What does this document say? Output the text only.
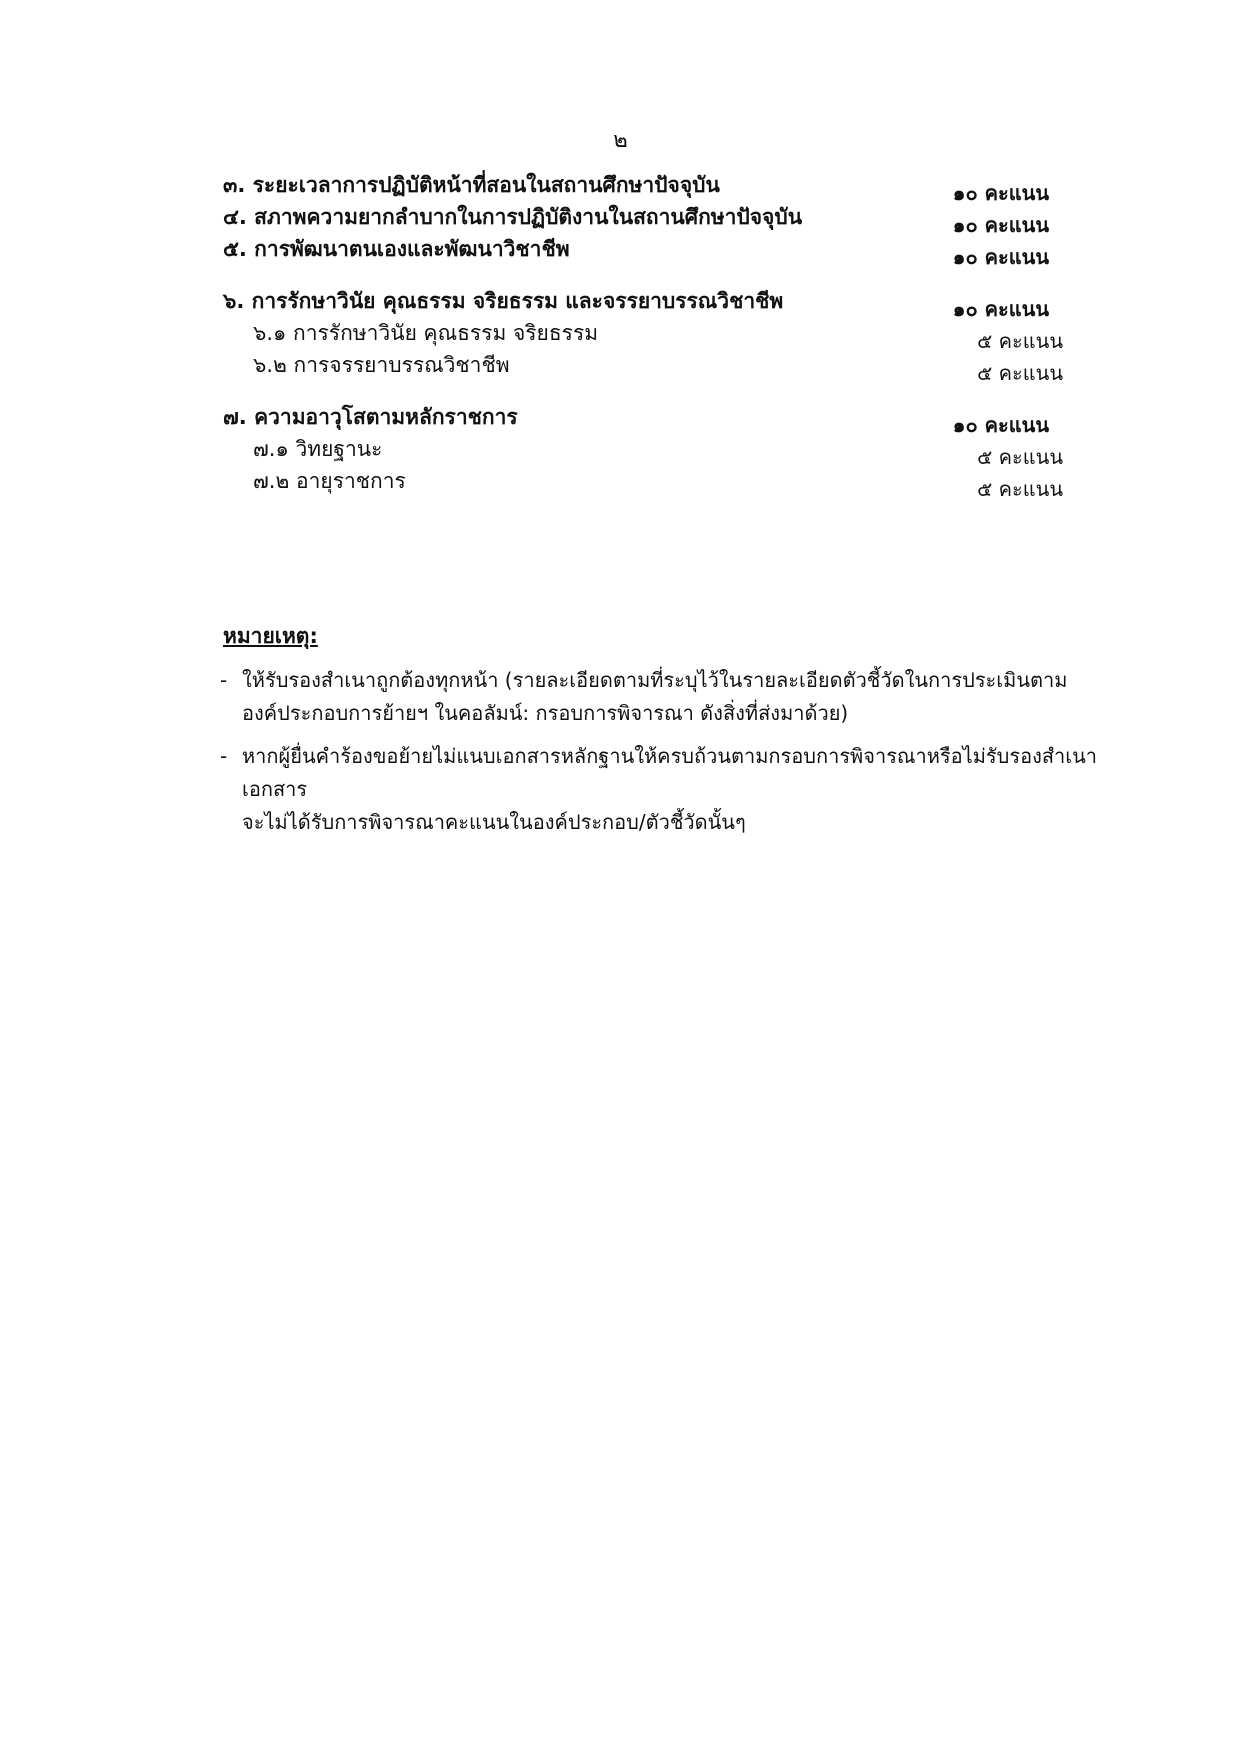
๒
๓. ระยะเวลาการปฏิบัติหน้าที่สอนในสถานศึกษาปัจจุบัน	๑๐ คะแนน
๔. สภาพความยากลำบากในการปฏิบัติงานในสถานศึกษาปัจจุบัน	๑๐ คะแนน
๕. การพัฒนาตนเองและพัฒนาวิชาชีพ	๑๐ คะแนน
๖. การรักษาวินัย คุณธรรม จริยธรรม และจรรยาบรรณวิชาชีพ	๑๐ คะแนน
๖.๑ การรักษาวินัย คุณธรรม จริยธรรม	๕ คะแนน
๖.๒ การจรรยาบรรณวิชาชีพ	๕ คะแนน
๗. ความอาวุโสตามหลักราชการ	๑๐ คะแนน
๗.๑ วิทยฐานะ	๕ คะแนน
๗.๒ อายุราชการ	๕ คะแนน
หมายเหตุ:
- ให้รับรองสำเนาถูกต้องทุกหน้า (รายละเอียดตามที่ระบุไว้ในรายละเอียดตัวชี้วัดในการประเมินตาม
องค์ประกอบการย้ายฯ ในคอลัมน์: กรอบการพิจารณา ดังสิ่งที่ส่งมาด้วย)
- หากผู้ยื่นคำร้องขอย้ายไม่แนบเอกสารหลักฐานให้ครบถ้วนตามกรอบการพิจารณาหรือไม่รับรองสำเนาเอกสาร
จะไม่ได้รับการพิจารณาคะแนนในองค์ประกอบ/ตัวชี้วัดนั้นๆ
